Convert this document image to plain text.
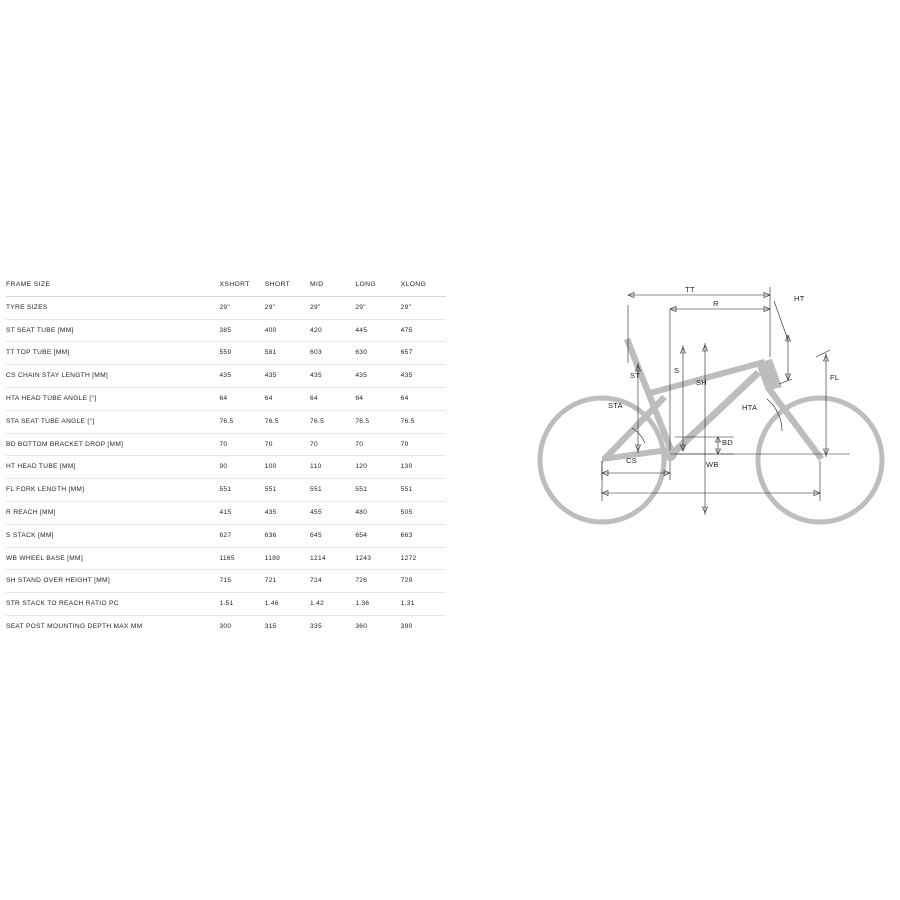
FRAME SIZE	XSHORT	SHORT	MID	LONG	XLONG
TYRE SIZES	29"	29"	29"	29"	29"
ST SEAT TUBE [MM]	385	400	420	445	475
TT TOP TUBE [MM]	559	581	603	630	657
CS CHAIN STAY LENGTH [MM]	435	435	435	435	435
HTA HEAD TUBE ANGLE [°]	64	64	64	64	64
STA SEAT TUBE ANGLE [°]	76.5	76.5	76.5	76.5	76.5
BD BOTTOM BRACKET DROP [MM]	70	70	70	70	70
HT HEAD TUBE [MM]	90	100	110	120	130
FL FORK LENGTH [MM]	551	551	551	551	551
R REACH [MM]	415	435	455	480	505
S STACK [MM]	627	636	645	654	663
WB WHEEL BASE [MM]	1165	1189	1214	1243	1272
SH STAND OVER HEIGHT [MM]	715	721	724	726	729
STR STACK TO REACH RATIO PC	1.51	1.46	1.42	1.36	1.31
SEAT POST MOUNTING DEPTH MAX MM	300	315	335	360	390
TT
R
HT
ST
S
SH
FL
STA	HTA
BD
CS	WB
